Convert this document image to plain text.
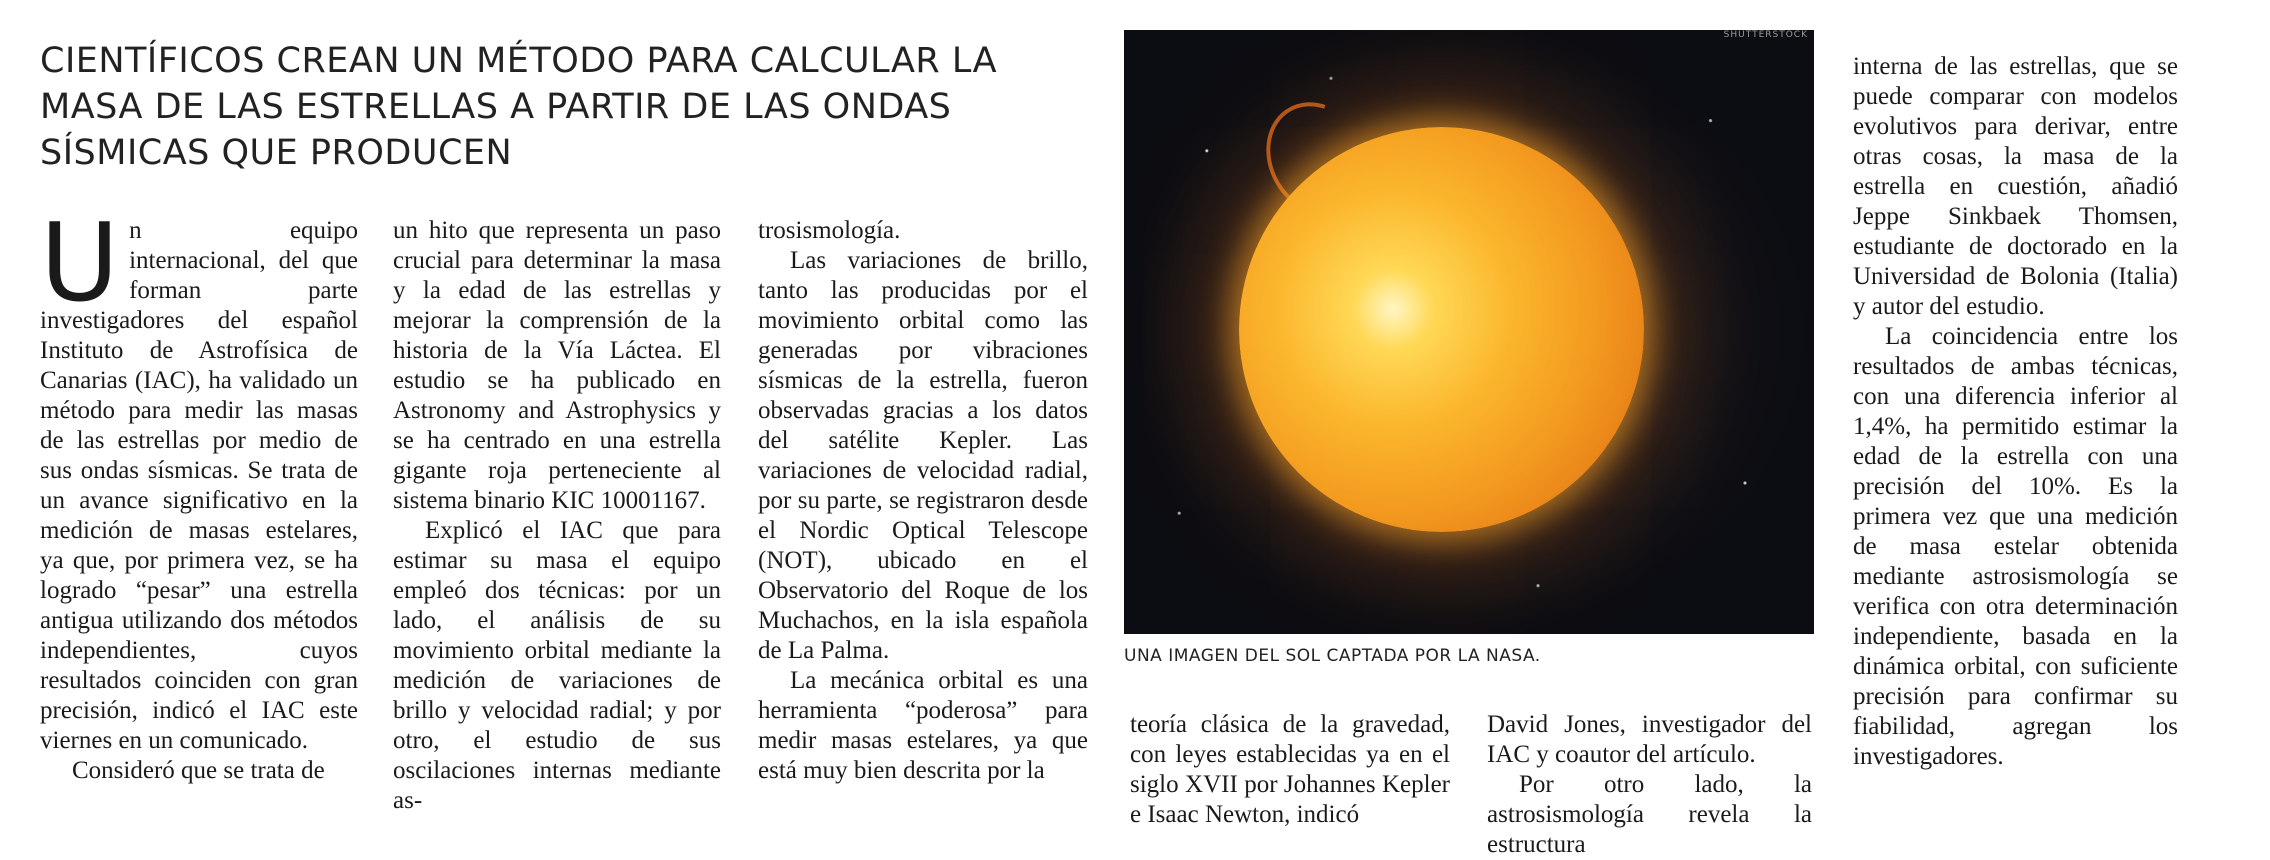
CIENTÍFICOS CREAN UN MÉTODO PARA CALCULAR LA MASA DE LAS ESTRELLAS A PARTIR DE LAS ONDAS SÍSMICAS QUE PRODUCEN

Un equipo internacional, del que forman parte investigadores del español Instituto de Astrofísica de Canarias (IAC), ha validado un método para medir las masas de las estrellas por medio de sus ondas sísmicas. Se trata de un avance significativo en la medición de masas estelares, ya que, por primera vez, se ha logrado “pesar” una estrella antigua utilizando dos métodos independientes, cuyos resultados coinciden con gran precisión, indicó el IAC este viernes en un comunicado.

Consideró que se trata de

un hito que representa un paso crucial para determinar la masa y la edad de las estrellas y mejorar la comprensión de la historia de la Vía Láctea. El estudio se ha publicado en Astronomy and Astrophysics y se ha centrado en una estrella gigante roja perteneciente al sistema binario KIC 10001167.

Explicó el IAC que para estimar su masa el equipo empleó dos técnicas: por un lado, el análisis de su movimiento orbital mediante la medición de variaciones de brillo y velocidad radial; y por otro, el estudio de sus oscilaciones internas mediante as-

trosismología.

Las variaciones de brillo, tanto las producidas por el movimiento orbital como las generadas por vibraciones sísmicas de la estrella, fueron observadas gracias a los datos del satélite Kepler. Las variaciones de velocidad radial, por su parte, se registraron desde el Nordic Optical Telescope (NOT), ubicado en el Observatorio del Roque de los Muchachos, en la isla española de La Palma.

La mecánica orbital es una herramienta “poderosa” para medir masas estelares, ya que está muy bien descrita por la

SHUTTERSTOCK
UNA IMAGEN DEL SOL CAPTADA POR LA NASA.

teoría clásica de la gravedad, con leyes establecidas ya en el siglo XVII por Johannes Kepler e Isaac Newton, indicó

David Jones, investigador del IAC y coautor del artículo.

Por otro lado, la astrosismología revela la estructura

interna de las estrellas, que se puede comparar con modelos evolutivos para derivar, entre otras cosas, la masa de la estrella en cuestión, añadió Jeppe Sinkbaek Thomsen, estudiante de doctorado en la Universidad de Bolonia (Italia) y autor del estudio.

La coincidencia entre los resultados de ambas técnicas, con una diferencia inferior al 1,4%, ha permitido estimar la edad de la estrella con una precisión del 10%. Es la primera vez que una medición de masa estelar obtenida mediante astrosismología se verifica con otra determinación independiente, basada en la dinámica orbital, con suficiente precisión para confirmar su fiabilidad, agregan los investigadores.
